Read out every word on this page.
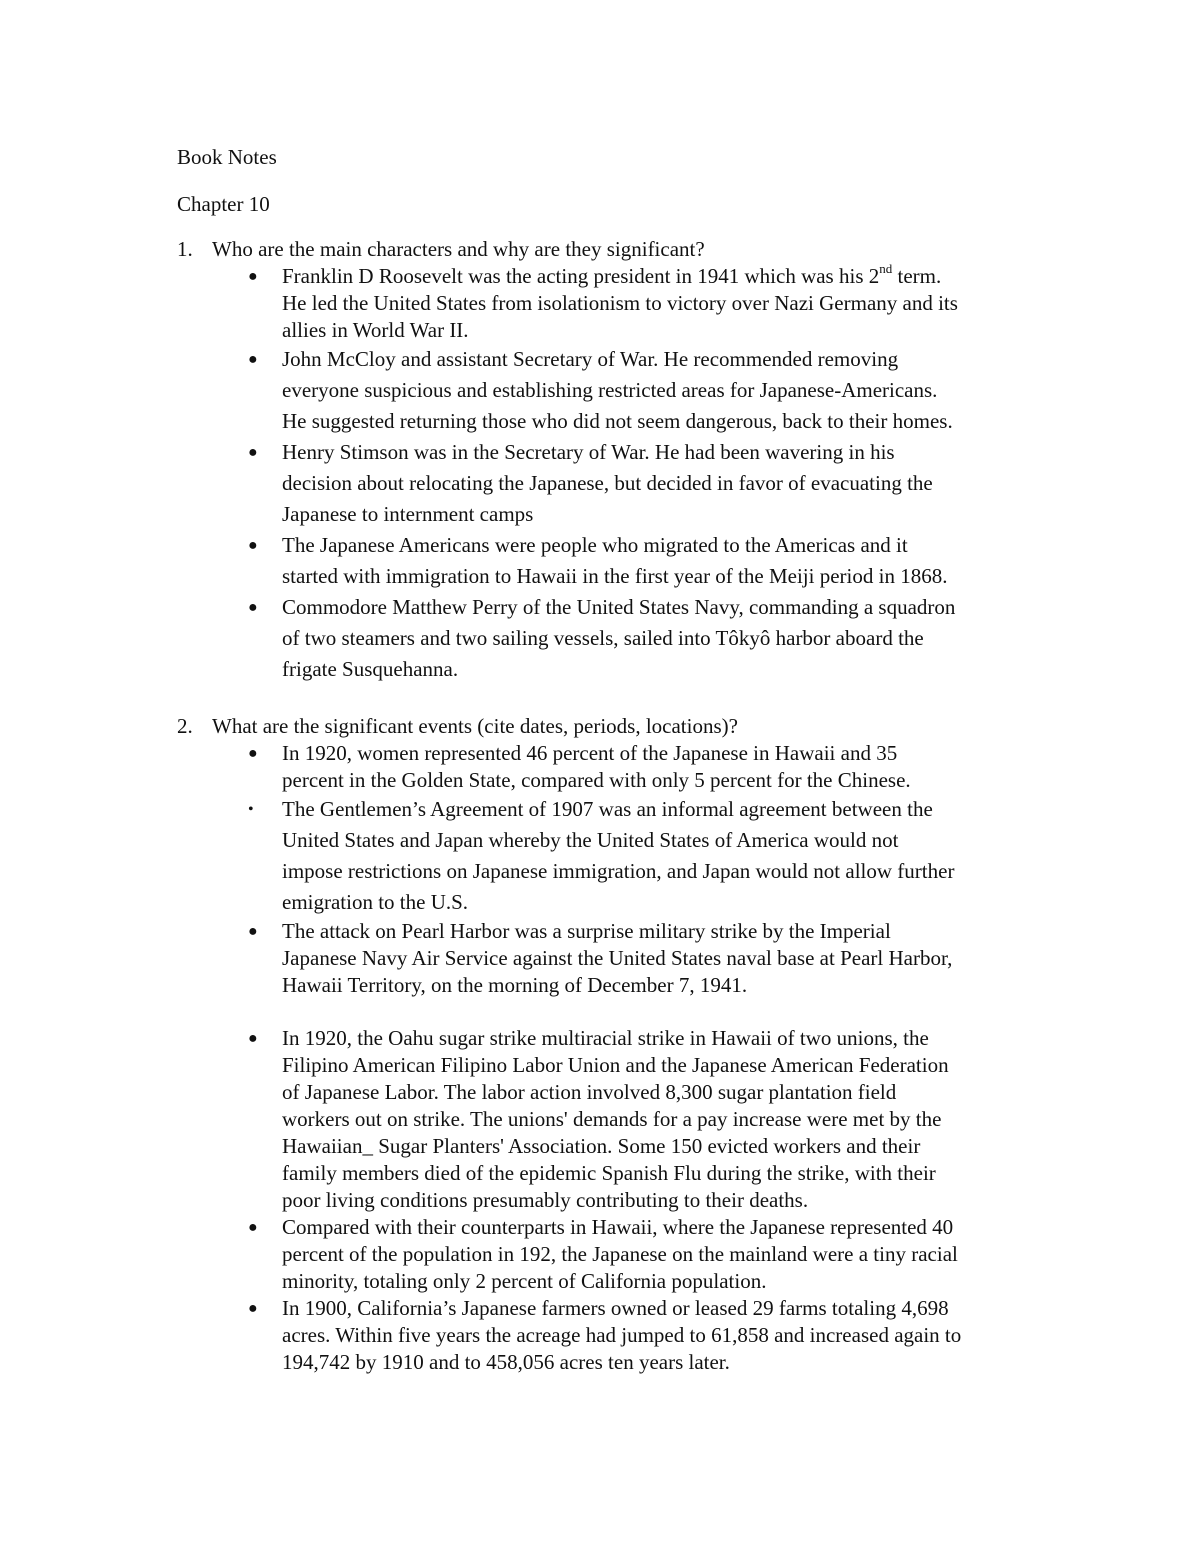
Book Notes
Chapter 10
1. Who are the main characters and why are they significant?
● Franklin D Roosevelt was the acting president in 1941 which was his 2nd term. He led the United States from isolationism to victory over Nazi Germany and its allies in World War II.
● John McCloy and assistant Secretary of War. He recommended removing everyone suspicious and establishing restricted areas for Japanese-Americans. He suggested returning those who did not seem dangerous, back to their homes.
● Henry Stimson was in the Secretary of War. He had been wavering in his decision about relocating the Japanese, but decided in favor of evacuating the Japanese to internment camps
● The Japanese Americans were people who migrated to the Americas and it started with immigration to Hawaii in the first year of the Meiji period in 1868.
● Commodore Matthew Perry of the United States Navy, commanding a squadron of two steamers and two sailing vessels, sailed into Tôkyô harbor aboard the frigate Susquehanna.
2. What are the significant events (cite dates, periods, locations)?
● In 1920, women represented 46 percent of the Japanese in Hawaii and 35 percent in the Golden State, compared with only 5 percent for the Chinese.
• The Gentlemen’s Agreement of 1907 was an informal agreement between the United States and Japan whereby the United States of America would not impose restrictions on Japanese immigration, and Japan would not allow further emigration to the U.S.
● The attack on Pearl Harbor was a surprise military strike by the Imperial Japanese Navy Air Service against the United States naval base at Pearl Harbor, Hawaii Territory, on the morning of December 7, 1941.
● In 1920, the Oahu sugar strike multiracial strike in Hawaii of two unions, the Filipino American Filipino Labor Union and the Japanese American Federation of Japanese Labor. The labor action involved 8,300 sugar plantation field workers out on strike. The unions' demands for a pay increase were met by the Hawaiian_ Sugar Planters' Association. Some 150 evicted workers and their family members died of the epidemic Spanish Flu during the strike, with their poor living conditions presumably contributing to their deaths.
● Compared with their counterparts in Hawaii, where the Japanese represented 40 percent of the population in 192, the Japanese on the mainland were a tiny racial minority, totaling only 2 percent of California population.
● In 1900, California’s Japanese farmers owned or leased 29 farms totaling 4,698 acres. Within five years the acreage had jumped to 61,858 and increased again to 194,742 by 1910 and to 458,056 acres ten years later.
